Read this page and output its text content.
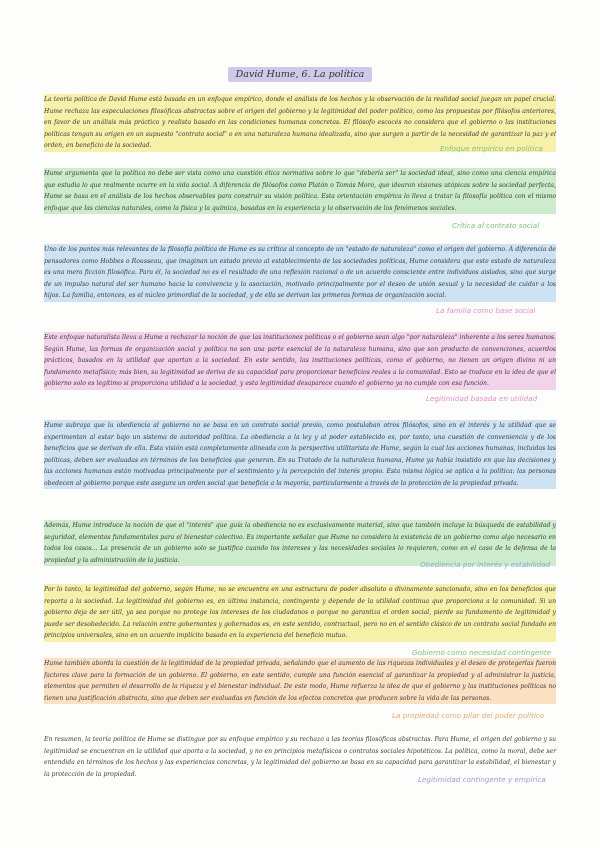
David Hume, 6. La política

La teoría política de David Hume está basada en un enfoque empírico, donde el análisis de los hechos y la observación de la realidad social juegan un papel crucial. Hume rechaza las especulaciones filosóficas abstractas sobre el origen del gobierno y la legitimidad del poder político, como las propuestas por filósofos anteriores, en favor de un análisis más práctico y realista basado en las condiciones humanas concretas. El filósofo escocés no considera que el gobierno o las instituciones políticas tengan su origen en un supuesto "contrato social" o en una naturaleza humana idealizada, sino que surgen a partir de la necesidad de garantizar la paz y el orden, en beneficio de la sociedad.	Enfoque empírico en política

Hume argumenta que la política no debe ser vista como una cuestión ética normativa sobre lo que "debería ser" la sociedad ideal, sino como una ciencia empírica que estudia lo que realmente ocurre en la vida social. A diferencia de filósofos como Platón o Tomás Moro, que idearon visiones utópicas sobre la sociedad perfecta, Hume se basa en el análisis de los hechos observables para construir su visión política. Esta orientación empírica lo lleva a tratar la filosofía política con el mismo enfoque que las ciencias naturales, como la física y la química, basadas en la experiencia y la observación de los fenómenos sociales.

Crítica al contrato social

Uno de los puntos más relevantes de la filosofía política de Hume es su crítica al concepto de un "estado de naturaleza" como el origen del gobierno. A diferencia de pensadores como Hobbes o Rousseau, que imaginan un estado previo al establecimiento de las sociedades políticas, Hume considera que este estado de naturaleza es una mera ficción filosófica. Para él, la sociedad no es el resultado de una reflexión racional o de un acuerdo consciente entre individuos aislados, sino que surge de un impulso natural del ser humano hacia la convivencia y la asociación, motivado principalmente por el deseo de unión sexual y la necesidad de cuidar a los hijos. La familia, entonces, es el núcleo primordial de la sociedad, y de ella se derivan las primeras formas de organización social.

La familia como base social

Este enfoque naturalista lleva a Hume a rechazar la noción de que las instituciones políticas o el gobierno sean algo "por naturaleza" inherente a los seres humanos. Según Hume, las formas de organización social y política no son una parte esencial de la naturaleza humana, sino que son producto de convenciones, acuerdos prácticos, basados en la utilidad que aportan a la sociedad. En este sentido, las instituciones políticas, como el gobierno, no tienen un origen divino ni un fundamento metafísico; más bien, su legitimidad se deriva de su capacidad para proporcionar beneficios reales a la comunidad. Esto se traduce en la idea de que el gobierno solo es legítimo si proporciona utilidad a la sociedad, y esta legitimidad desaparece cuando el gobierno ya no cumple con esa función.

Legitimidad basada en utilidad

Hume subraya que la obediencia al gobierno no se basa en un contrato social previo, como postulaban otros filósofos, sino en el interés y la utilidad que se experimentan al estar bajo un sistema de autoridad política. La obediencia a la ley y al poder establecido es, por tanto, una cuestión de conveniencia y de los beneficios que se derivan de ella. Esta visión está completamente alineada con la perspectiva utilitarista de Hume, según la cual las acciones humanas, incluidas las políticas, deben ser evaluadas en términos de los beneficios que generan. En su Tratado de la naturaleza humana, Hume ya había insistido en que las decisiones y las acciones humanas están motivadas principalmente por el sentimiento y la percepción del interés propio. Esta misma lógica se aplica a la política: las personas obedecen al gobierno porque este asegura un orden social que beneficia a la mayoría, particularmente a través de la protección de la propiedad privada.

Además, Hume introduce la noción de que el "interés" que guía la obediencia no es exclusivamente material, sino que también incluye la búsqueda de estabilidad y seguridad, elementos fundamentales para el bienestar colectivo. Es importante señalar que Hume no considera la existencia de un gobierno como algo necesario en todos los casos... La presencia de un gobierno solo se justifica cuando los intereses y las necesidades sociales lo requieren, como en el caso de la defensa de la propiedad y la administración de la justicia.	Obediencia por interés y estabilidad

Por lo tanto, la legitimidad del gobierno, según Hume, no se encuentra en una estructura de poder absoluto o divinamente sancionado, sino en los beneficios que reporta a la sociedad. La legitimidad del gobierno es, en última instancia, contingente y depende de la utilidad continua que proporciona a la comunidad. Si un gobierno deja de ser útil, ya sea porque no protege los intereses de los ciudadanos o porque no garantiza el orden social, pierde su fundamento de legitimidad y puede ser desobedecido. La relación entre gobernantes y gobernados es, en este sentido, contractual, pero no en el sentido clásico de un contrato social fundado en principios universales, sino en un acuerdo implícito basado en la experiencia del beneficio mutuo.

Gobierno como necesidad contingente

Hume también aborda la cuestión de la legitimidad de la propiedad privada, señalando que el aumento de las riquezas individuales y el deseo de protegerlas fueron factores clave para la formación de un gobierno. El gobierno, en este sentido, cumple una función esencial al garantizar la propiedad y al administrar la justicia, elementos que permiten el desarrollo de la riqueza y el bienestar individual. De este modo, Hume refuerza la idea de que el gobierno y las instituciones políticas no tienen una justificación abstracta, sino que deben ser evaluadas en función de los efectos concretos que producen sobre la vida de las personas.

La propiedad como pilar del poder político

En resumen, la teoría política de Hume se distingue por su enfoque empírico y su rechazo a las teorías filosóficas abstractas. Para Hume, el origen del gobierno y su legitimidad se encuentran en la utilidad que aporta a la sociedad, y no en principios metafísicos o contratos sociales hipotéticos. La política, como la moral, debe ser entendida en términos de los hechos y las experiencias concretas, y la legitimidad del gobierno se basa en su capacidad para garantizar la estabilidad, el bienestar y la protección de la propiedad.

Legitimidad contingente y empírica
